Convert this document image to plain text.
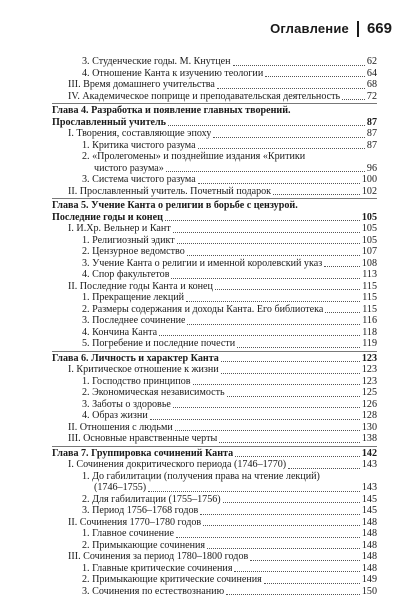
Оглавление 669
3. Студенческие годы. М. Кнутцен	62
4. Отношение Канта к изучению теологии	64
III. Время домашнего учительства	68
IV. Академическое поприще и преподавательская деятельность	72
Глава 4. Разработка и появление главных творений.
Прославленный учитель	87
I. Творения, составляющие эпоху	87
1. Критика чистого разума	87
2. «Пролегомены» и позднейшие издания «Критики
чистого разума»	96
3. Система чистого разума	100
II. Прославленный учитель. Почетный подарок	102
Глава 5. Учение Канта о религии в борьбе с цензурой.
Последние годы и конец	105
I. И.Хр. Вельнер и Кант	105
1. Религиозный эдикт	105
2. Цензурное ведомство	107
3. Учение Канта о религии и именной королевский указ	108
4. Спор факультетов	113
II. Последние годы Канта и конец	115
1. Прекращение лекций	115
2. Размеры содержания и доходы Канта. Его библиотека	115
3. Последнее сочинение	116
4. Кончина Канта	118
5. Погребение и последние почести	119
Глава 6. Личность и характер Канта	123
I. Критическое отношение к жизни	123
1. Господство принципов	123
2. Экономическая независимость	125
3. Заботы о здоровье	126
4. Образ жизни	128
II. Отношения с людьми	130
III. Основные нравственные черты	138
Глава 7. Группировка сочинений Канта	142
I. Сочинения докритического периода (1746–1770)	143
1. До габилитации (получения права на чтение лекций)
(1746–1755)	143
2. Для габилитации (1755–1756)	145
3. Период 1756–1768 годов	145
II. Сочинения 1770–1780 годов	148
1. Главное сочинение	148
2. Примыкающие сочинения	148
III. Сочинения за период 1780–1800 годов	148
1. Главные критические сочинения	148
2. Примыкающие критические сочинения	149
3. Сочинения по естествознанию	150
